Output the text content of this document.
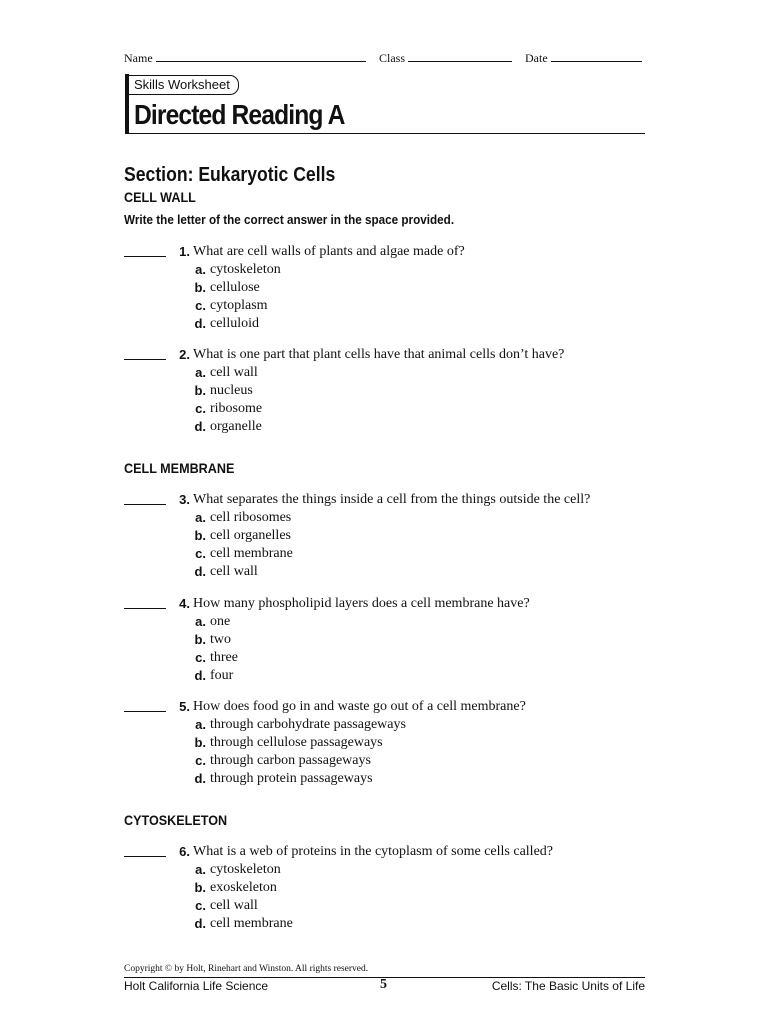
Name	Class	Date
Skills Worksheet
Directed Reading A
Section: Eukaryotic Cells
CELL WALL
Write the letter of the correct answer in the space provided.
1. What are cell walls of plants and algae made of?
a. cytoskeleton
b. cellulose
c. cytoplasm
d. celluloid
2. What is one part that plant cells have that animal cells don’t have?
a. cell wall
b. nucleus
c. ribosome
d. organelle
CELL MEMBRANE
3. What separates the things inside a cell from the things outside the cell?
a. cell ribosomes
b. cell organelles
c. cell membrane
d. cell wall
4. How many phospholipid layers does a cell membrane have?
a. one
b. two
c. three
d. four
5. How does food go in and waste go out of a cell membrane?
a. through carbohydrate passageways
b. through cellulose passageways
c. through carbon passageways
d. through protein passageways
CYTOSKELETON
6. What is a web of proteins in the cytoplasm of some cells called?
a. cytoskeleton
b. exoskeleton
c. cell wall
d. cell membrane
Copyright © by Holt, Rinehart and Winston. All rights reserved.
Holt California Life Science	5	Cells: The Basic Units of Life
